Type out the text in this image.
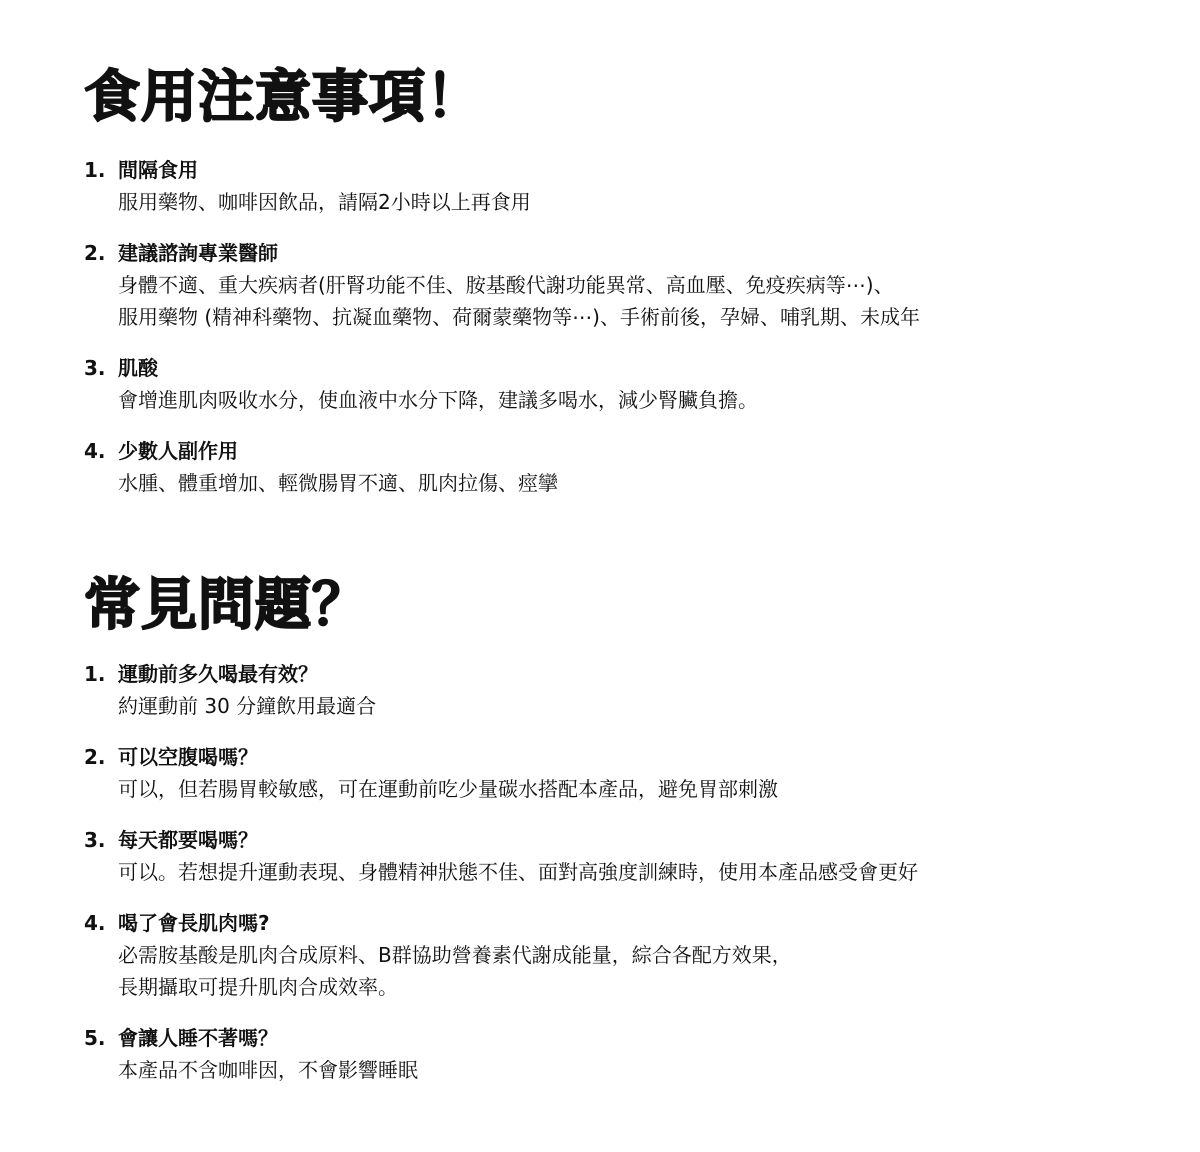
食用注意事項！
1. 間隔食用

服用藥物、咖啡因飲品，請隔2小時以上再食用

2. 建議諮詢專業醫師

身體不適、重大疾病者(肝腎功能不佳、胺基酸代謝功能異常、高血壓、免疫疾病等⋯)、

服用藥物 (精神科藥物、抗凝血藥物、荷爾蒙藥物等⋯)、手術前後，孕婦、哺乳期、未成年

3. 肌酸

會增進肌肉吸收水分，使血液中水分下降，建議多喝水，減少腎臟負擔。

4. 少數人副作用

水腫、體重增加、輕微腸胃不適、肌肉拉傷、痙攣

常見問題？
1. 運動前多久喝最有效？

約運動前 30 分鐘飲用最適合

2. 可以空腹喝嗎？

可以，但若腸胃較敏感，可在運動前吃少量碳水搭配本產品，避免胃部刺激

3. 每天都要喝嗎？

可以。若想提升運動表現、身體精神狀態不佳、面對高強度訓練時，使用本產品感受會更好

4. 喝了會長肌肉嗎?

必需胺基酸是肌肉合成原料、B群協助營養素代謝成能量，綜合各配方效果，

長期攝取可提升肌肉合成效率。

5. 會讓人睡不著嗎？

本產品不含咖啡因，不會影響睡眠
